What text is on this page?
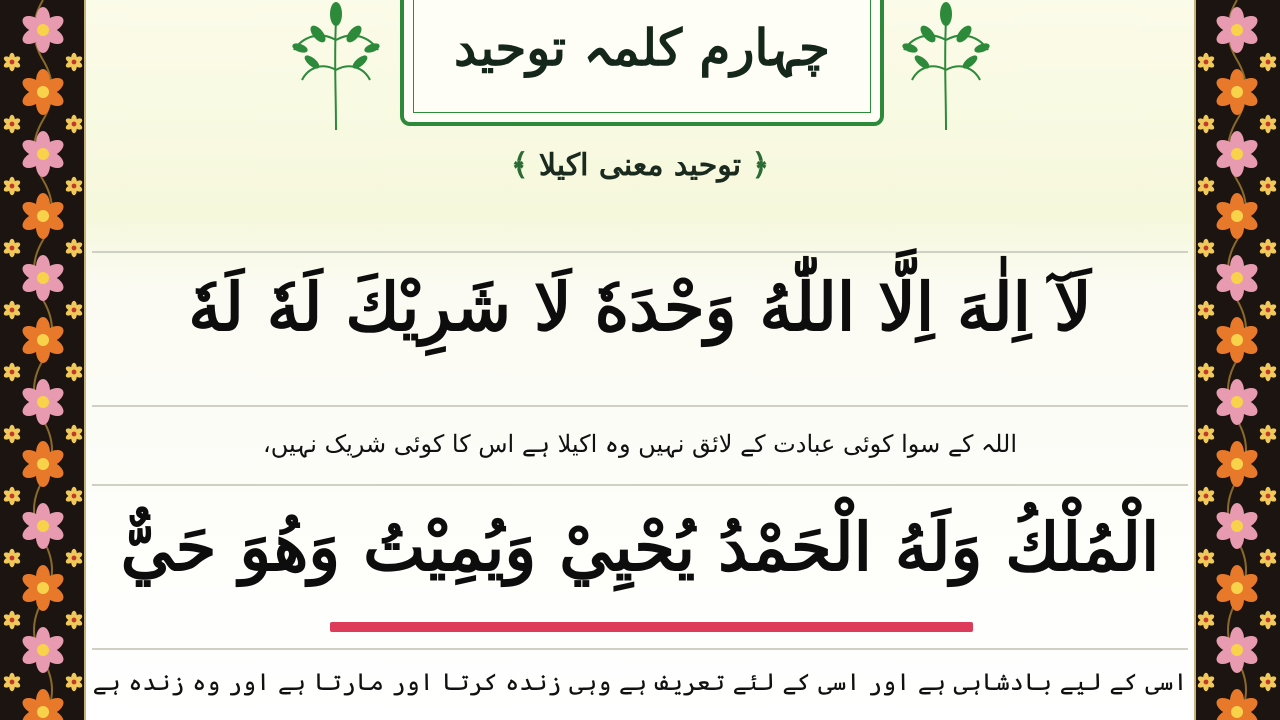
چہارم کلمہ توحید
﴿ توحید معنی اکیلا ﴾
لَآ اِلٰهَ اِلَّا اللّٰهُ وَحْدَهٗ لَا شَرِيْكَ لَهٗ لَهٗ
اللہ کے سوا کوئی عبادت کے لائق نہیں وہ اکیلا ہے اس کا کوئی شریک نہیں،
الْمُلْكُ وَلَهُ الْحَمْدُ يُحْيِيْ وَيُمِيْتُ وَهُوَ حَيٌّ
اسی کے لیے بادشاہی ہے اور اسی کے لئے تعریف ہے وہی زندہ کرتا اور مارتا ہے اور وہ زندہ ہے
